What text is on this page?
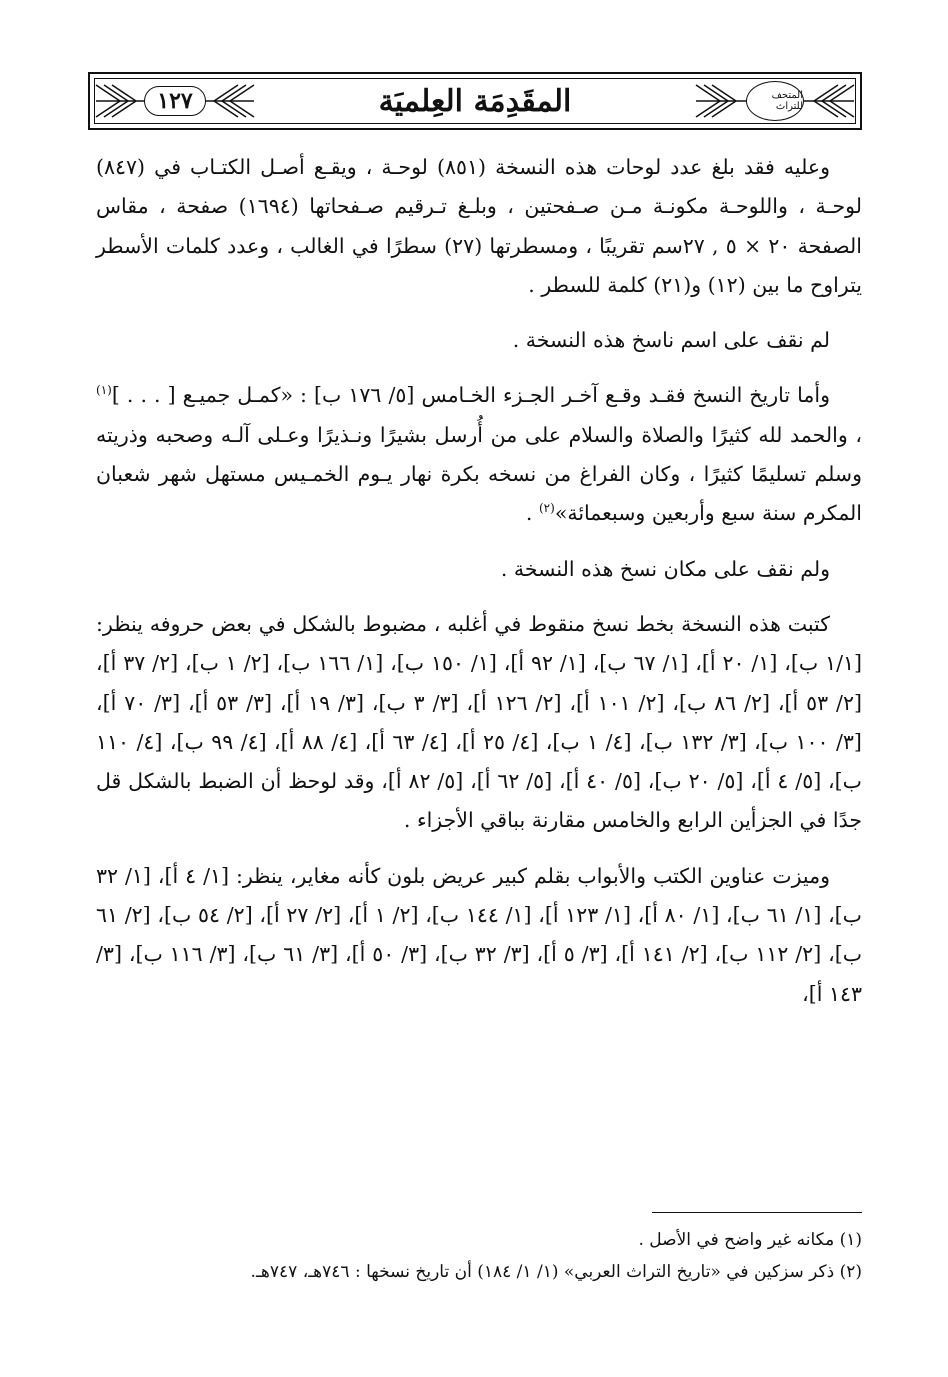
١٢٧	المقَدِمَة العِلميَة	المتحف للتراث

وعليه فقد بلغ عدد لوحات هذه النسخة (٨٥١) لوحـة ، ويقـع أصـل الكتـاب في (٨٤٧) لوحـة ، واللوحـة مكونـة مـن صـفحتين ، وبلـغ تـرقيم صـفحاتها (١٦٩٤) صفحة ، مقاس الصفحة ٢٠ × ٥ , ٢٧سم تقريبًا ، ومسطرتها (٢٧) سطرًا في الغالب ، وعدد كلمات الأسطر يتراوح ما بين (١٢) و(٢١) كلمة للسطر .

لم نقف على اسم ناسخ هذه النسخة .

وأما تاريخ النسخ فقـد وقـع آخـر الجـزء الخـامس [٥/ ١٧٦ ب] : «كمـل جميـع [ . . . ]$^{(١)}$ ، والحمد لله كثيرًا والصلاة والسلام على من أُرسل بشيرًا ونـذيرًا وعـلى آلـه وصحبه وذريته وسلم تسليمًا كثيرًا ، وكان الفراغ من نسخه بكرة نهار يـوم الخمـيس مستهل شهر شعبان المكرم سنة سبع وأربعين وسبعمائة»$^{(٢)}$ .

ولم نقف على مكان نسخ هذه النسخة .

كتبت هذه النسخة بخط نسخ منقوط في أغلبه ، مضبوط بالشكل في بعض حروفه ينظر: [١/١ ب]، [١/ ٢٠ أ]، [١/ ٦٧ ب]، [١/ ٩٢ أ]، [١/ ١٥٠ ب]، [١/ ١٦٦ ب]، [٢/ ١ ب]، [٢/ ٣٧ أ]، [٢/ ٥٣ أ]، [٢/ ٨٦ ب]، [٢/ ١٠١ أ]، [٢/ ١٢٦ أ]، [٣/ ٣ ب]، [٣/ ١٩ أ]، [٣/ ٥٣ أ]، [٣/ ٧٠ أ]، [٣/ ١٠٠ ب]، [٣/ ١٣٢ ب]، [٤/ ١ ب]، [٤/ ٢٥ أ]، [٤/ ٦٣ أ]، [٤/ ٨٨ أ]، [٤/ ٩٩ ب]، [٤/ ١١٠ ب]، [٥/ ٤ أ]، [٥/ ٢٠ ب]، [٥/ ٤٠ أ]، [٥/ ٦٢ أ]، [٥/ ٨٢ أ]، وقد لوحظ أن الضبط بالشكل قل جدًا في الجزأين الرابع والخامس مقارنة بباقي الأجزاء .

وميزت عناوين الكتب والأبواب بقلم كبير عريض بلون كأنه مغاير، ينظر: [١/ ٤ أ]، [١/ ٣٢ ب]، [١/ ٦١ ب]، [١/ ٨٠ أ]، [١/ ١٢٣ أ]، [١/ ١٤٤ ب]، [٢/ ١ أ]، [٢/ ٢٧ أ]، [٢/ ٥٤ ب]، [٢/ ٦١ ب]، [٢/ ١١٢ ب]، [٢/ ١٤١ أ]، [٣/ ٥ أ]، [٣/ ٣٢ ب]، [٣/ ٥٠ أ]، [٣/ ٦١ ب]، [٣/ ١١٦ ب]، [٣/ ١٤٣ أ]،

(١) مكانه غير واضح في الأصل .
(٢) ذكر سزكين في «تاريخ التراث العربي» (١/ ١/ ١٨٤) أن تاريخ نسخها : ٧٤٦هـ، ٧٤٧هـ.
